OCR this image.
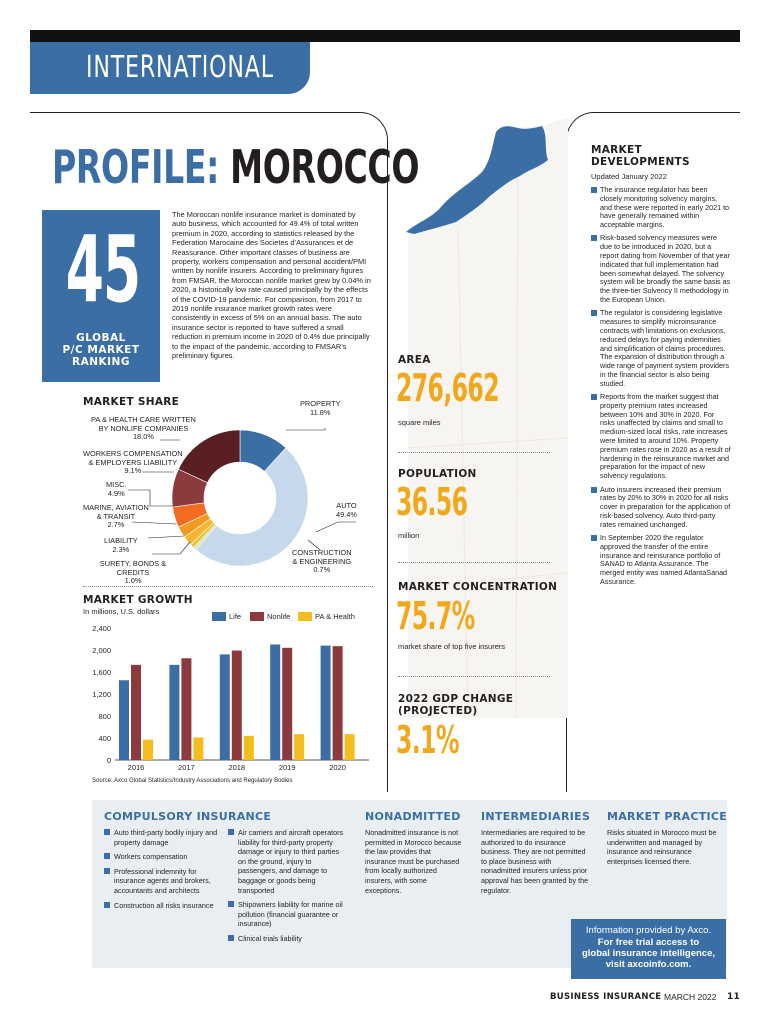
INTERNATIONAL
PROFILE: MOROCCO
45
GLOBAL
P/C MARKET
RANKING

The Moroccan nonlife insurance market is dominated by auto business, which accounted for 49.4% of total written premium in 2020, according to statistics released by the Federation Marocaine des Societes d’Assurances et de Reassurance. Other important classes of business are property, workers compensation and personal accident/PMI written by nonlife insurers. According to preliminary figures from FMSAR, the Moroccan nonlife market grew by 0.04% in 2020, a historically low rate caused principally by the effects of the COVID-19 pandemic. For comparison, from 2017 to 2019 nonlife insurance market growth rates were consistently in excess of 5% on an annual basis. The auto insurance sector is reported to have suffered a small reduction in premium income in 2020 of 0.4% due principally to the impact of the pandemic, according to FMSAR’s preliminary figures.

MARKET SHARE	PROPERTY
11.8%
AUTO
49.4%
CONSTRUCTION
& ENGINEERING
0.7%
SURETY, BONDS & CREDITS
1.0%
LIABILITY
2.3%
MARINE, AVIATION
& TRANSIT
2.7%
MISC.
4.9%
WORKERS COMPENSATION
& EMPLOYERS LIABILITY
9.1%
PA & HEALTH CARE WRITTEN
BY NONLIFE COMPANIES
18.0%
MARKET GROWTH
In millions, U.S. dollars
Life	Nonlife	PA & Health
0
400
800
1,200
1,600
2,000
2,400
2016	2017	2018	2019	2020
Source: Axco Global Statistics/Industry Associations and Regulatory Bodies
AREA
276,662
square miles
POPULATION
36.56
million
MARKET CONCENTRATION
75.7%
market share of top five insurers
2022 GDP CHANGE
(PROJECTED)
3.1%
MARKET
DEVELOPMENTS
Updated January 2022
The insurance regulator has been closely monitoring solvency margins, and these were reported in early 2021 to have generally remained within acceptable margins.
Risk-based solvency measures were due to be introduced in 2020, but a report dating from November of that year indicated that full implementation had been somewhat delayed. The solvency system will be broadly the same basis as the three-tier Solvency II methodology in the European Union.
The regulator is considering legislative measures to simplify microinsurance contracts with limitations on exclusions, reduced delays for paying indemnities and simplification of claims procedures. The expansion of distribution through a wide range of payment system providers in the financial sector is also being studied.
Reports from the market suggest that property premium rates increased between 10% and 30% in 2020. For risks unaffected by claims and small to medium-sized local risks, rate increases were limited to around 10%. Property premium rates rose in 2020 as a result of hardening in the reinsurance market and preparation for the impact of new solvency regulations.
Auto insurers increased their premium rates by 20% to 30% in 2020 for all risks cover in preparation for the application of risk-based solvency. Auto third-party rates remained unchanged.
In September 2020 the regulator approved the transfer of the entire insurance and reinsurance portfolio of SANAD to Atlanta Assurance. The merged entity was named AtlantaSanad Assurance.
COMPULSORY INSURANCE
Auto third-party bodily injury and property damage
Workers compensation
Professional indemnity for insurance agents and brokers, accountants and architects
Construction all risks insurance
Air carriers and aircraft operators liability for third-party property damage or injury to third parties on the ground, injury to passengers, and damage to baggage or goods being transported
Shipowners liability for marine oil pollution (financial guarantee or insurance)
Clinical trials liability
NONADMITTED
Nonadmitted insurance is not permitted in Morocco because the law provides that insurance must be purchased from locally authorized insurers, with some exceptions.
INTERMEDIARIES
Intermediaries are required to be authorized to do insurance business. They are not permitted to place business with nonadmitted insurers unless prior approval has been granted by the regulator.
MARKET PRACTICE
Risks situated in Morocco must be underwritten and managed by insurance and reinsurance enterprises licensed there.
Information provided by Axco.
For free trial access to
global insurance intelligence,
visit axcoinfo.com.
BUSINESS INSURANCE MARCH 2022 11
